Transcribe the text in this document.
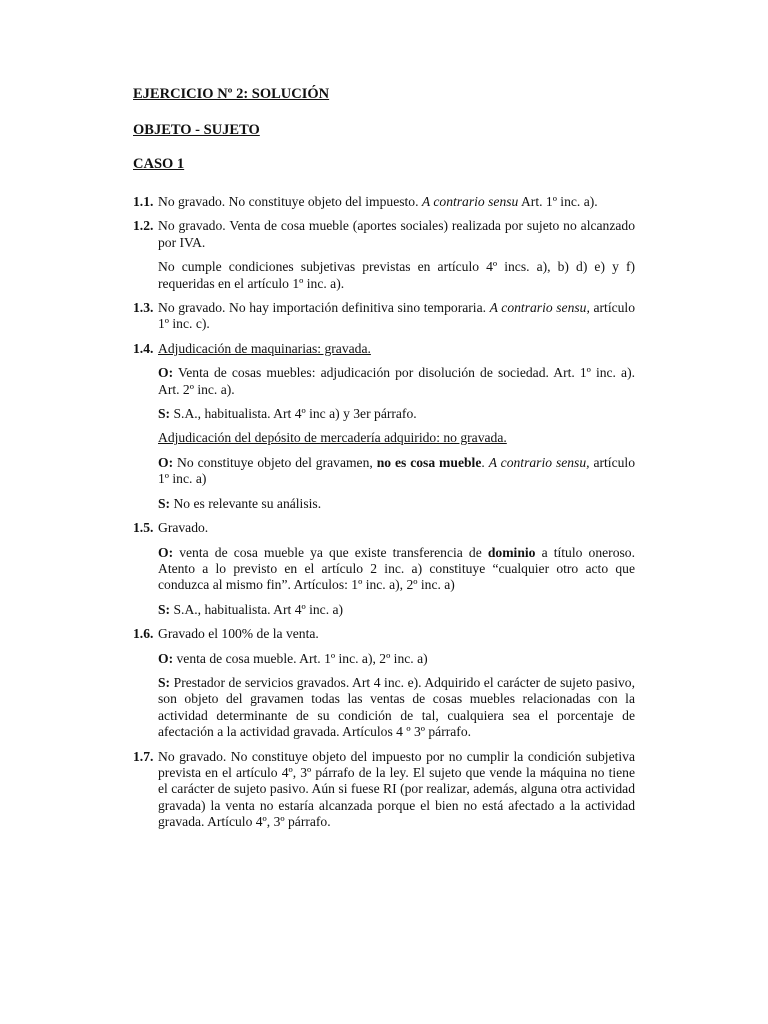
EJERCICIO Nº 2: SOLUCIÓN
OBJETO - SUJETO
CASO 1
1.1. No gravado. No constituye objeto del impuesto. A contrario sensu Art. 1º inc. a).
1.2. No gravado. Venta de cosa mueble (aportes sociales) realizada por sujeto no alcanzado por IVA.
No cumple condiciones subjetivas previstas en artículo 4º incs. a), b) d) e) y f) requeridas en el artículo 1º inc. a).
1.3. No gravado. No hay importación definitiva sino temporaria. A contrario sensu, artículo 1º inc. c).
1.4. Adjudicación de maquinarias: gravada.
O: Venta de cosas muebles: adjudicación por disolución de sociedad. Art. 1º inc. a). Art. 2º inc. a).
S: S.A., habitualista. Art 4º inc a) y 3er párrafo.
Adjudicación del depósito de mercadería adquirido: no gravada.
O: No constituye objeto del gravamen, no es cosa mueble. A contrario sensu, artículo 1º inc. a)
S: No es relevante su análisis.
1.5. Gravado.
O: venta de cosa mueble ya que existe transferencia de dominio a título oneroso. Atento a lo previsto en el artículo 2 inc. a) constituye “cualquier otro acto que conduzca al mismo fin”. Artículos: 1º inc. a), 2º inc. a)
S: S.A., habitualista. Art 4º inc. a)
1.6. Gravado el 100% de la venta.
O: venta de cosa mueble. Art. 1º inc. a), 2º inc. a)
S: Prestador de servicios gravados. Art 4 inc. e). Adquirido el carácter de sujeto pasivo, son objeto del gravamen todas las ventas de cosas muebles relacionadas con la actividad determinante de su condición de tal, cualquiera sea el porcentaje de afectación a la actividad gravada. Artículos 4 º 3º párrafo.
1.7. No gravado. No constituye objeto del impuesto por no cumplir la condición subjetiva prevista en el artículo 4º, 3º párrafo de la ley. El sujeto que vende la máquina no tiene el carácter de sujeto pasivo. Aún si fuese RI (por realizar, además, alguna otra actividad gravada) la venta no estaría alcanzada porque el bien no está afectado a la actividad gravada. Artículo 4º, 3º párrafo.
